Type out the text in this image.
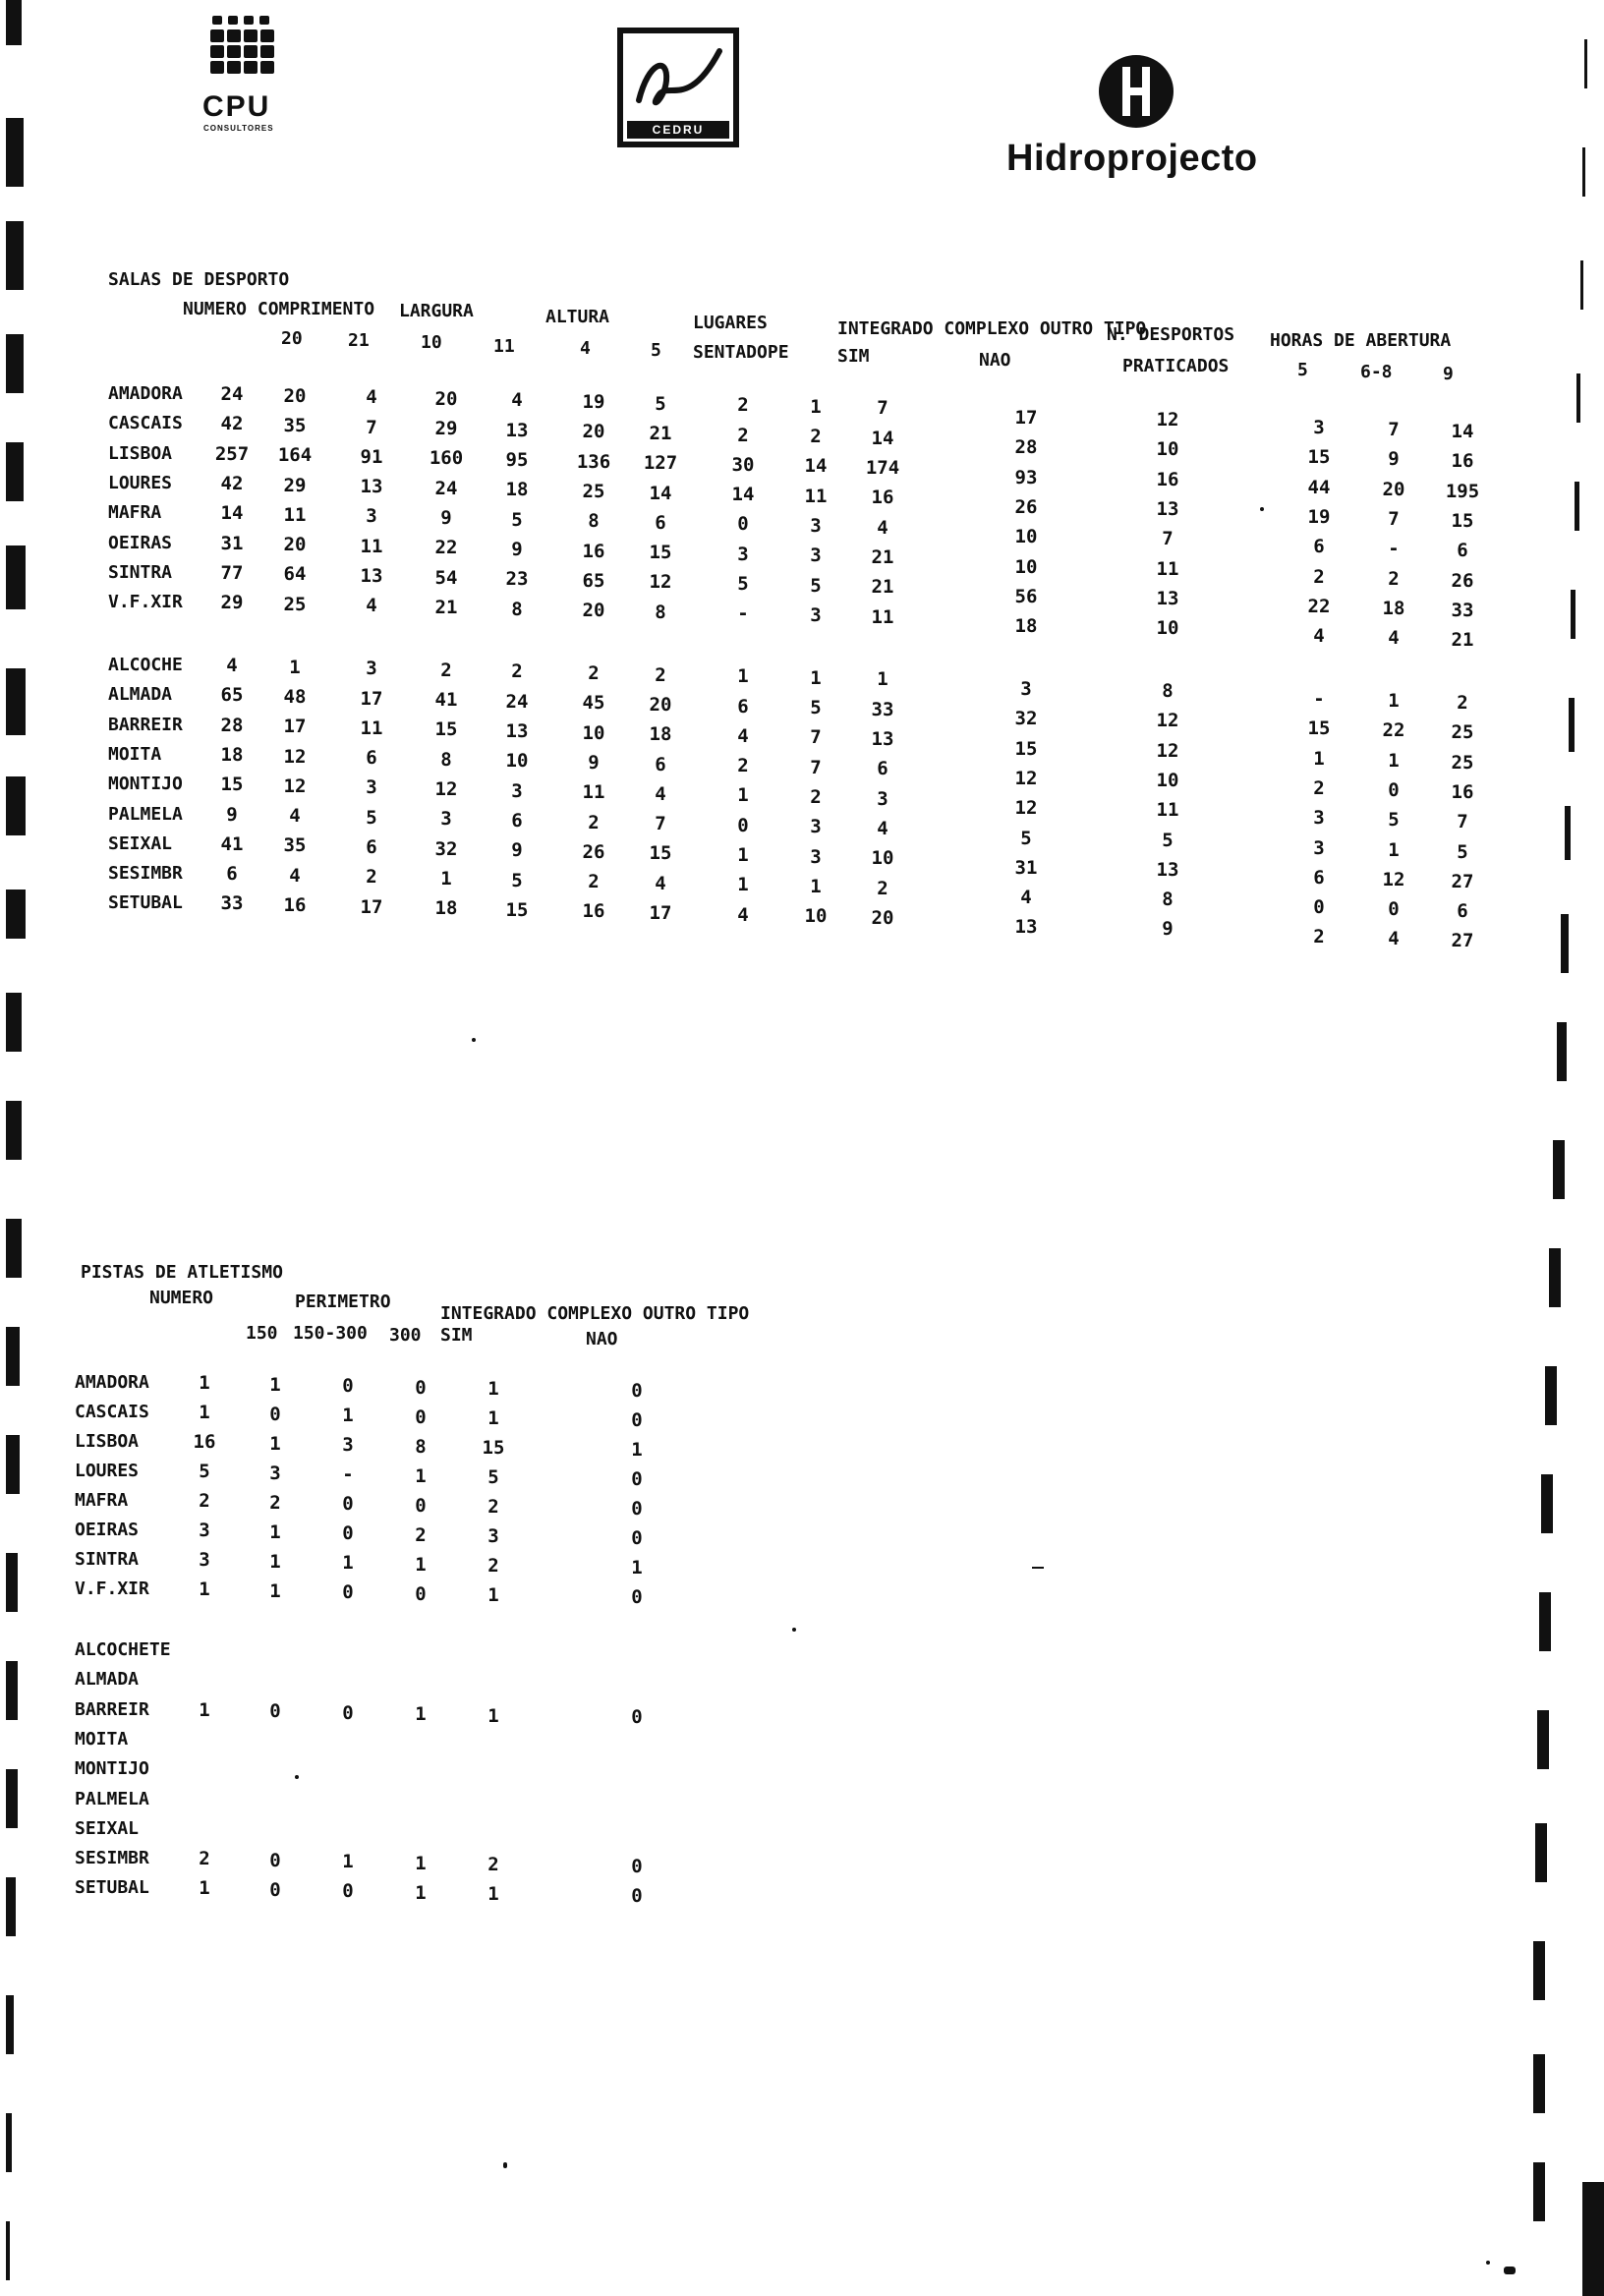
CPU
CONSULTORES	CEDRU
Hidroprojecto
SALAS DE DESPORTO
NUMERO COMPRIMENTO LARGURA	ALTURA	LUGARES	INTEGRADO COMPLEXO OUTRO TIPO
N. DESPORTOS HORAS DE ABERTURA
20	21	10	11	4	5 SENTADOPE	SIM	NAO	PRATICADOS	5	6-8	9
AMADORA	24	20	4	20	4	19	5	2	1	7	17	12	3	7	14
CASCAIS	42	35	7	29	13	20	21	2	2	14	28	10	15	9	16
LISBOA	257	164	91	160	95	136	127	30	14	174	93	16	44	20	195
LOURES	42	29	13	24	18	25	14	14	11	16	26	13	19	7	15
MAFRA	14	11	3	9	5	8	6	0	3	4	10	7	6	-	6
OEIRAS	31	20	11	22	9	16	15	3	3	21	10	11	2	2	26
SINTRA	77	64	13	54	23	65	12	5	5	21	56	13	22	18	33
V.F.XIR	29	25	4	21	8	20	8	-	3	11	18	10	4	4	21
ALCOCHE	4	1	3	2	2	2	2	1	1	1	3	8	-	1	2
ALMADA	65	48	17	41	24	45	20	6	5	33	32	12	15	22	25
BARREIR	28	17	11	15	13	10	18	4	7	13	15	12	1	1	25
MOITA	18	12	6	8	10	9	6	2	7	6	12	10	2	0	16
MONTIJO	15	12	3	12	3	11	4	1	2	3	12	11	3	5	7
PALMELA	9	4	5	3	6	2	7	0	3	4	5	5	3	1	5
SEIXAL	41	35	6	32	9	26	15	1	3	10	31	13	6	12	27
SESIMBR	6	4	2	1	5	2	4	1	1	2	4	8	0	0	6
SETUBAL	33	16	17	18	15	16	17	4	10	20	13	9	2	4	27
PISTAS DE ATLETISMO
NUMERO	PERIMETRO
INTEGRADO COMPLEXO OUTRO TIPO
150 150-300 300 SIM	NAO
AMADORA	1	1	0	0	1	0
CASCAIS	1	0	1	0	1	0
LISBOA	16	1	3	8	15	1
LOURES	5	3	-	1	5	0
MAFRA	2	2	0	0	2	0
OEIRAS	3	1	0	2	3	0
SINTRA	3	1	1	1	2	1
V.F.XIR	1	1	0	0	1	0
ALCOCHETE
ALMADA
BARREIR	1	0	0	1	1	0
MOITA
MONTIJO
PALMELA
SEIXAL
SESIMBR	2	0	1	1	2	0
SETUBAL	1	0	0	1	1	0
